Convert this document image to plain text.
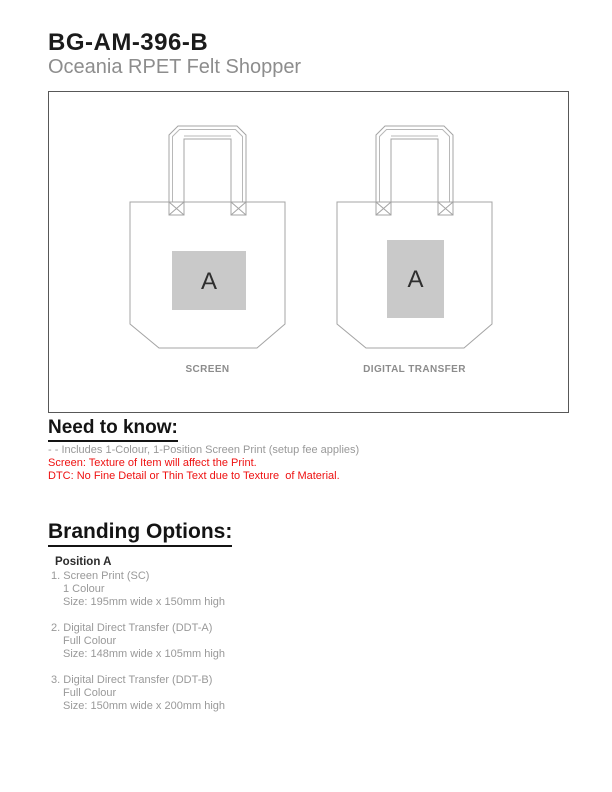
BG-AM-396-B
Oceania RPET Felt Shopper
A
SCREEN
A
DIGITAL TRANSFER
Need to know:
- - Includes 1-Colour, 1-Position Screen Print (setup fee applies)
Screen: Texture of Item will affect the Print.
DTC: No Fine Detail or Thin Text due to Texture  of Material.
Branding Options:
Position A
1. Screen Print (SC)
1 Colour
Size: 195mm wide x 150mm high
2. Digital Direct Transfer (DDT-A)
Full Colour
Size: 148mm wide x 105mm high
3. Digital Direct Transfer (DDT-B)
Full Colour
Size: 150mm wide x 200mm high
